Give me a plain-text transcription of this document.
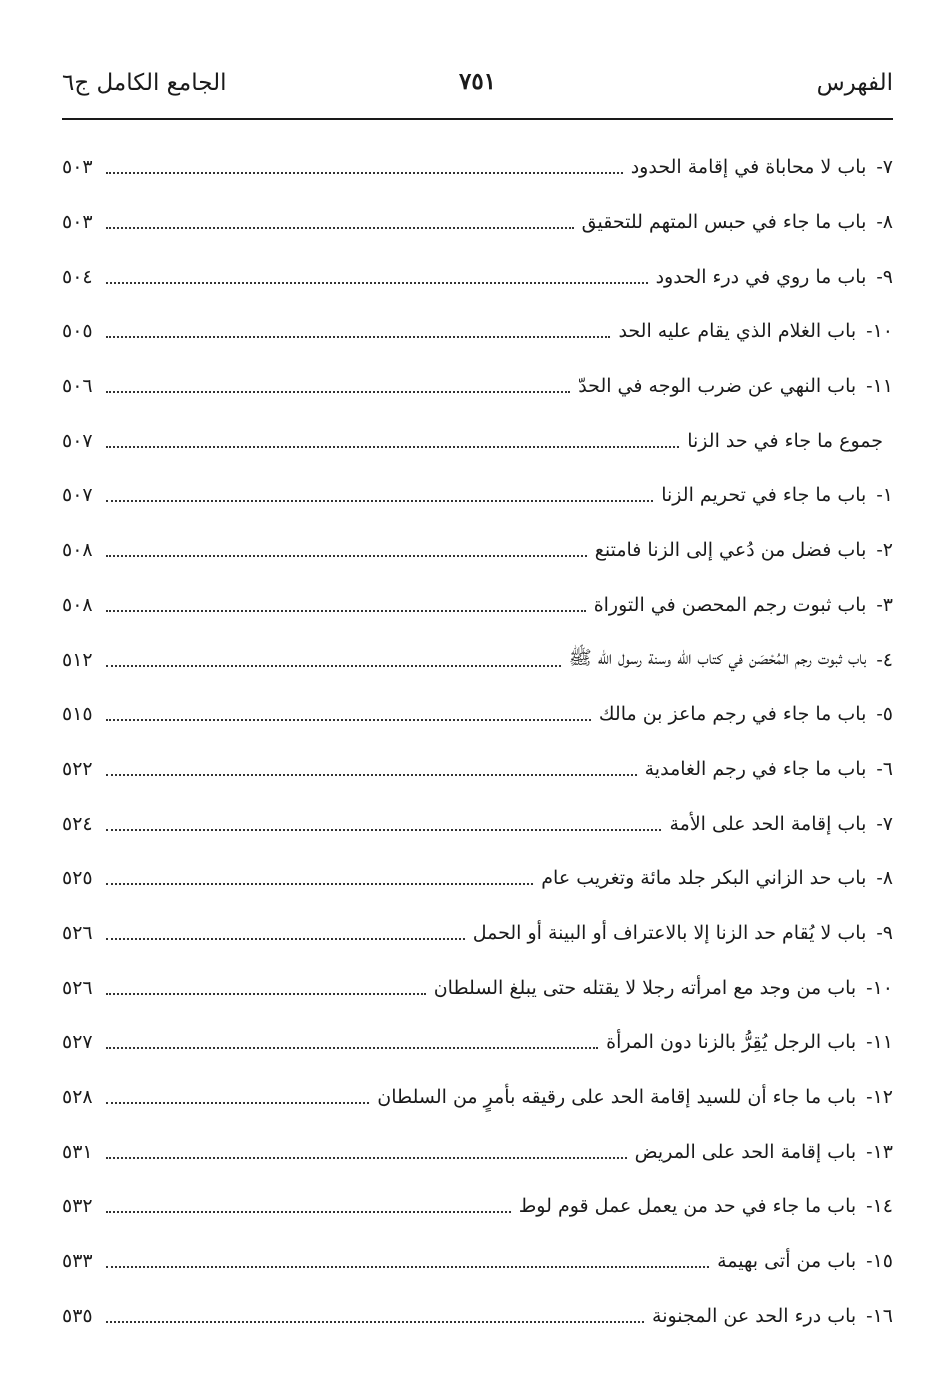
الفهرس
٧٥١
الجامع الكامل ج٦
٧-
باب لا محاباة في إقامة الحدود
٥٠٣
٨-
باب ما جاء في حبس المتهم للتحقيق
٥٠٣
٩-
باب ما روي في درء الحدود
٥٠٤
١٠-
باب الغلام الذي يقام عليه الحد
٥٠٥
١١-
باب النهي عن ضرب الوجه في الحدّ
٥٠٦
جموع ما جاء في حد الزنا
٥٠٧
١-
باب ما جاء في تحريم الزنا
٥٠٧
٢-
باب فضل من دُعي إلى الزنا فامتنع
٥٠٨
٣-
باب ثبوت رجم المحصن في التوراة
٥٠٨
٤-
باب ثبوت رجم المُحْصَن في كتاب الله وسنة رسول الله ﷺ
٥١٢
٥-
باب ما جاء في رجم ماعز بن مالك
٥١٥
٦-
باب ما جاء في رجم الغامدية
٥٢٢
٧-
باب إقامة الحد على الأمة
٥٢٤
٨-
باب حد الزاني البكر جلد مائة وتغريب عام
٥٢٥
٩-
باب لا يُقام حد الزنا إلا بالاعتراف أو البينة أو الحمل
٥٢٦
١٠-
باب من وجد مع امرأته رجلا لا يقتله حتى يبلغ السلطان
٥٢٦
١١-
باب الرجل يُقِرُّ بالزنا دون المرأة
٥٢٧
١٢-
باب ما جاء أن للسيد إقامة الحد على رقيقه بأمرٍ من السلطان
٥٢٨
١٣-
باب إقامة الحد على المريض
٥٣١
١٤-
باب ما جاء في حد من يعمل عمل قوم لوط
٥٣٢
١٥-
باب من أتى بهيمة
٥٣٣
١٦-
باب درء الحد عن المجنونة
٥٣٥
